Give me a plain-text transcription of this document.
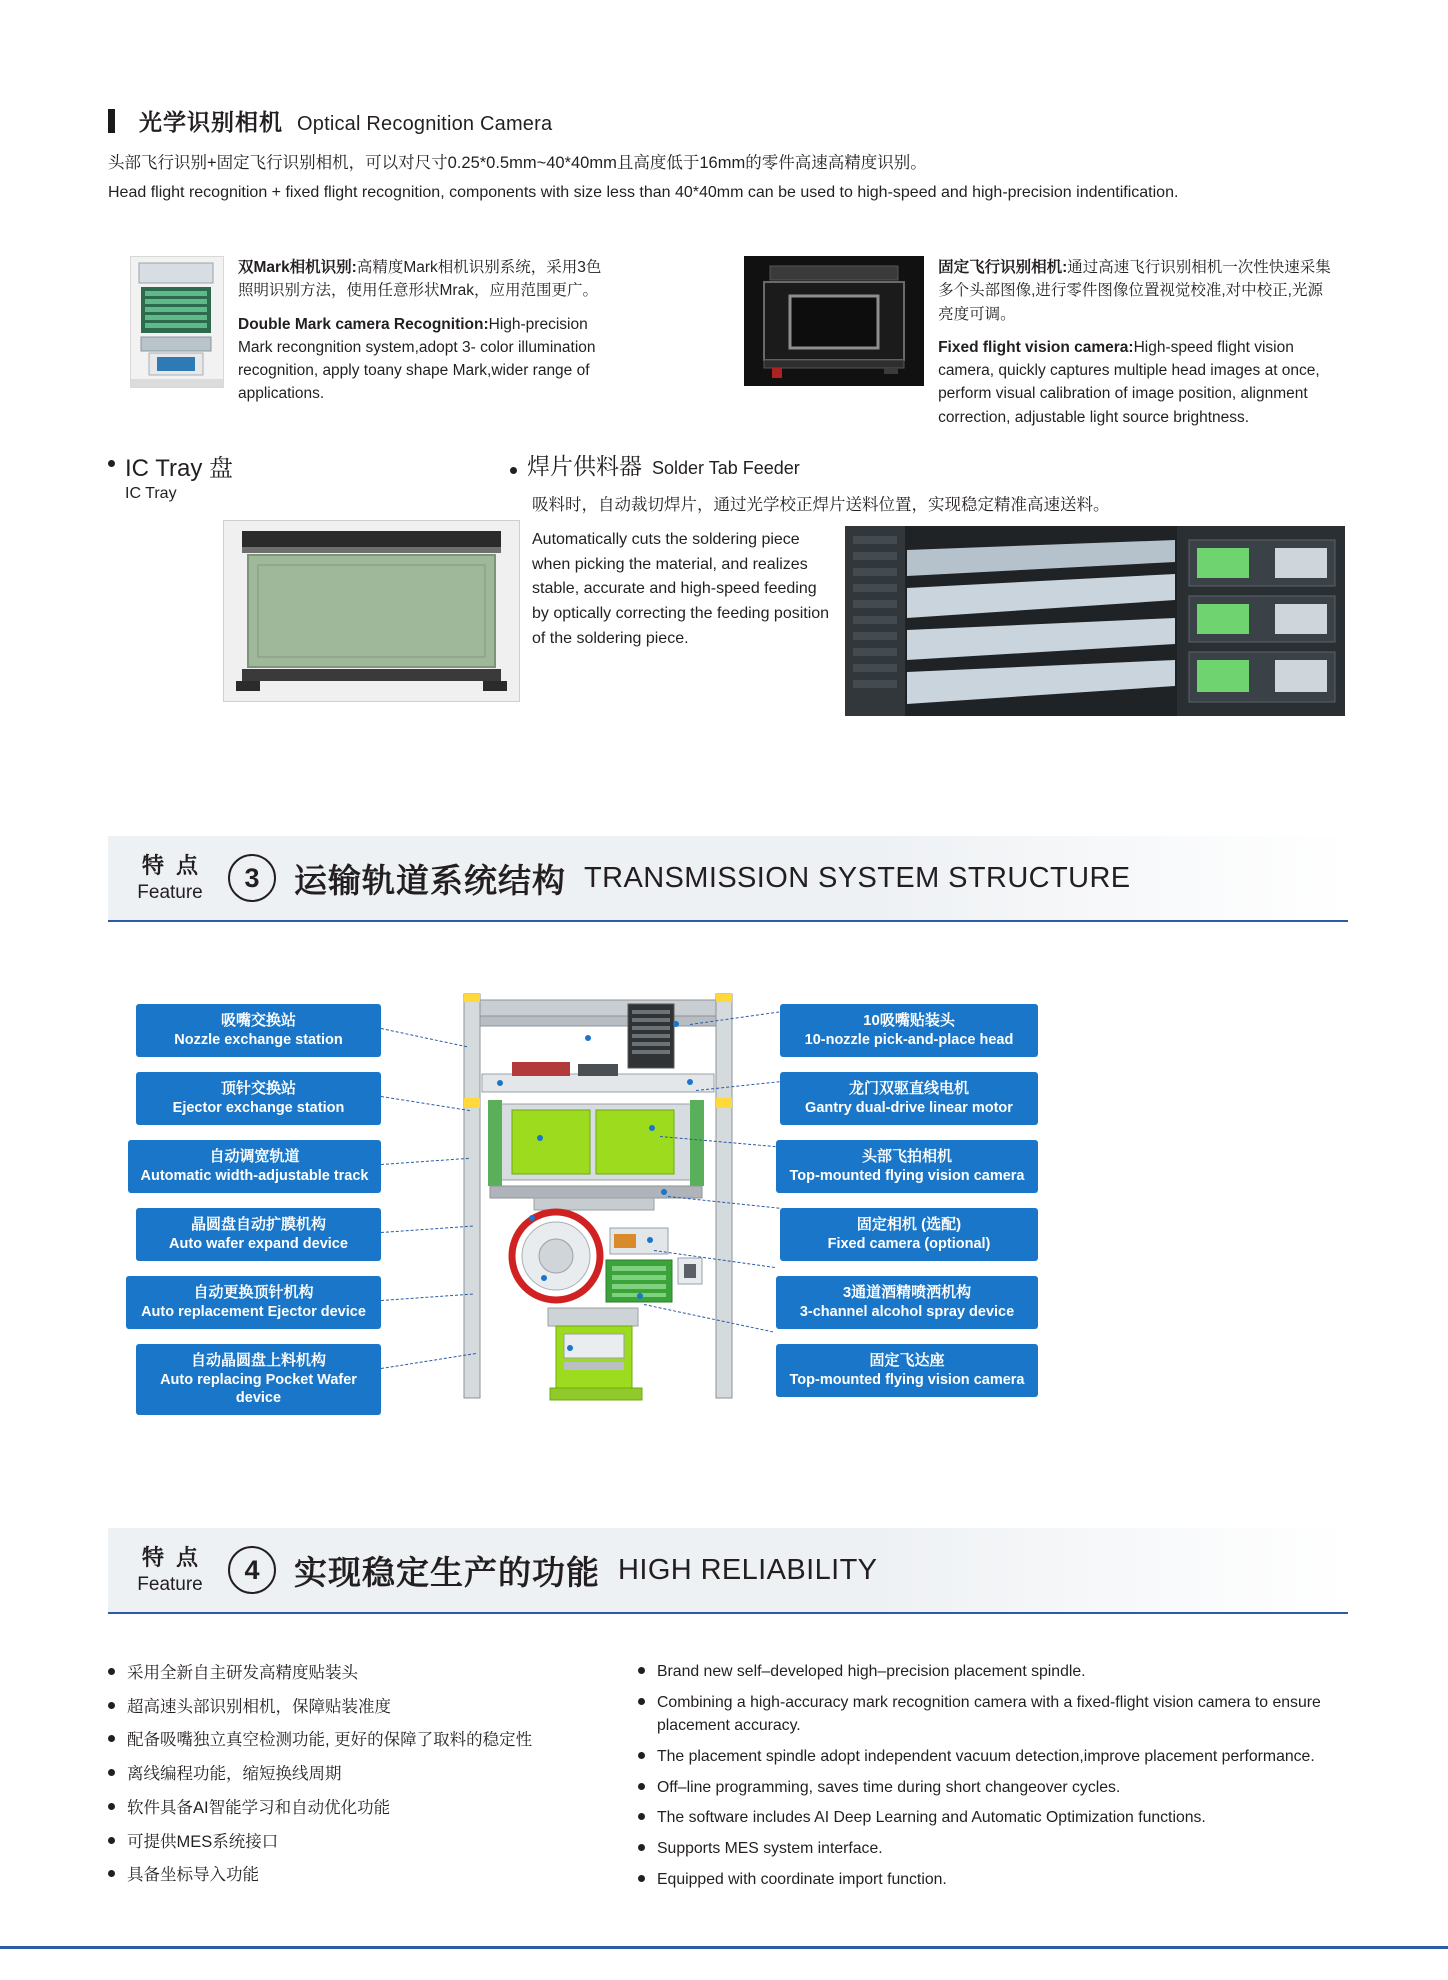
光学识别相机 Optical Recognition Camera
头部飞行识别+固定飞行识别相机，可以对尺寸0.25*0.5mm~40*40mm且高度低于16mm的零件高速高精度识别。
Head flight recognition + fixed flight recognition, components with size less than 40*40mm can be used to high-speed and high-precision indentification.
双Mark相机识别:高精度Mark相机识别系统，采用3色照明识别方法，使用任意形状Mrak，应用范围更广。
Double Mark camera Recognition:High-precision Mark recongnition system,adopt 3- color illumination recognition, apply toany shape Mark,wider range of applications.
固定飞行识别相机:通过高速飞行识别相机一次性快速采集多个头部图像,进行零件图像位置视觉校准,对中校正,光源亮度可调。
Fixed flight vision camera:High-speed flight vision camera, quickly captures multiple head images at once, perform visual calibration of image position, alignment correction, adjustable light source brightness.
IC Tray 盘
IC Tray
焊片供料器 Solder Tab Feeder
吸料时，自动裁切焊片，通过光学校正焊片送料位置，实现稳定精准高速送料。
Automatically cuts the soldering piece when picking the material, and realizes stable, accurate and high-speed feeding by optically correcting the feeding position of the soldering piece.
特点
Feature	3	运输轨道系统结构 TRANSMISSION SYSTEM STRUCTURE
吸嘴交换站
Nozzle exchange station
顶针交换站
Ejector exchange station
自动调宽轨道
Automatic width-adjustable track
晶圆盘自动扩膜机构
Auto wafer expand device
自动更换顶针机构
Auto replacement Ejector device
自动晶圆盘上料机构
Auto replacing Pocket Wafer device
10吸嘴贴装头
10-nozzle pick-and-place head
龙门双驱直线电机
Gantry dual-drive linear motor
头部飞拍相机
Top-mounted flying vision camera
固定相机 (选配)
Fixed camera (optional)
3通道酒精喷洒机构
3-channel alcohol spray device
固定飞达座
Top-mounted flying vision camera
特点
Feature	4	实现稳定生产的功能 HIGH RELIABILITY
采用全新自主研发高精度贴装头
超高速头部识别相机，保障贴装准度
配备吸嘴独立真空检测功能, 更好的保障了取料的稳定性
离线编程功能，缩短换线周期
软件具备AI智能学习和自动优化功能
可提供MES系统接口
具备坐标导入功能
Brand new self–developed high–precision placement spindle.
Combining a high-accuracy mark recognition camera with a fixed-flight vision camera to ensure placement accuracy.
The placement spindle adopt independent vacuum detection,improve placement performance.
Off–line programming, saves time during short changeover cycles.
The software includes AI Deep Learning and Automatic Optimization functions.
Supports MES system interface.
Equipped with coordinate import function.
